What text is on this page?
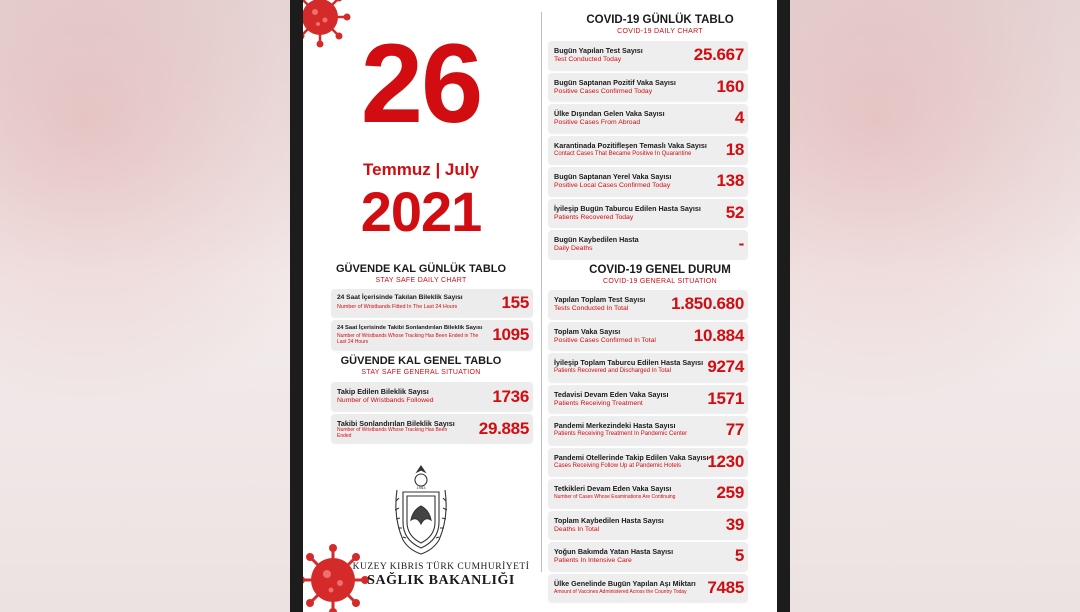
26
Temmuz | July
2021
GÜVENDE KAL GÜNLÜK TABLO
STAY SAFE DAILY CHART
24 Saat İçerisinde Takılan Bileklik Sayısı
Number of Wristbands Fitted In The Last 24 Hours	155
24 Saat İçerisinde Takibi Sonlandırılan Bileklik Sayısı
Number of Wristbands Whose Tracking Has Been Ended in The Last 24 Hours	1095
GÜVENDE KAL GENEL TABLO
STAY SAFE GENERAL SITUATION
Takip Edilen Bileklik Sayısı
Number of Wristbands Followed	1736
Takibi Sonlandırılan Bileklik Sayısı
Number of Wristbands Whose Tracking Has Been Ended	29.885
1983
KUZEY KIBRIS TÜRK CUMHURİYETİ
SAĞLIK BAKANLIĞI
COVID-19 GÜNLÜK TABLO
COVID-19 DAILY CHART
Bugün Yapılan Test Sayısı
Test Conducted Today	25.667
Bugün Saptanan Pozitif Vaka Sayısı
Positive Cases Confirmed Today	160
Ülke Dışından Gelen Vaka Sayısı
Positive Cases From Abroad	4
Karantinada Pozitifleşen Temaslı Vaka Sayısı
Contact Cases That Became Positive In Quarantine 18
Bugün Saptanan Yerel Vaka Sayısı
Positive Local Cases Confirmed Today	138
İyileşip Bugün Taburcu Edilen Hasta Sayısı
Patients Recovered Today	52
Bugün Kaybedilen Hasta
Daily Deaths	-
COVID-19 GENEL DURUM
COVID-19 GENERAL SITUATION
Yapılan Toplam Test Sayısı
Tests Conducted In Total	1.850.680
Toplam Vaka Sayısı
Positive Cases Confirmed In Total 10.884
İyileşip Toplam Taburcu Edilen Hasta Sayısı
Patients Recovered and Discharged In Total 9274
Tedavisi Devam Eden Vaka Sayısı
Patients Receiving Treatment	1571
Pandemi Merkezindeki Hasta Sayısı
Patients Receiving Treatment In Pandemic Center 77
Pandemi Otellerinde Takip Edilen Vaka Sayısı
Cases Receiving Follow Up at Pandemic Hotels 1230
Tetkikleri Devam Eden Vaka Sayısı
Number of Cases Whose Examinations Are Continuing 259
Toplam Kaybedilen Hasta Sayısı
Deaths In Total	39
Yoğun Bakımda Yatan Hasta Sayısı
Patients In Intensive Care	5
Ülke Genelinde Bugün Yapılan Aşı Miktarı
Amount of Vaccines Administered Across the Country Today 7485
